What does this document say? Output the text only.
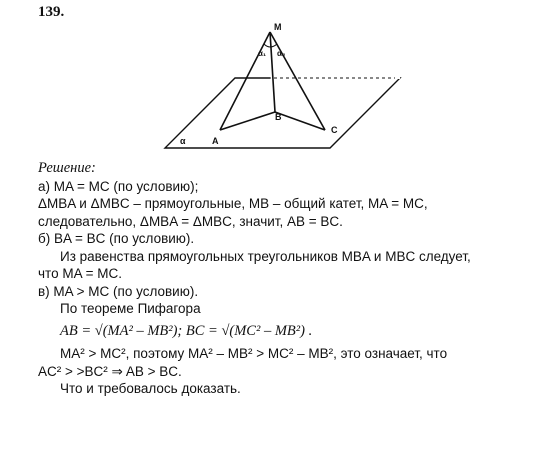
139.
M
A
B
C
α₁ α₂
α
Решение:
а) MA = MC (по условию);
ΔMBA и ΔMBC – прямоугольные, MB – общий катет, MA = MC,
следовательно, ΔMBA = ΔMBC, значит, AB = BC.
б) BA = BC (по условию).
Из равенства прямоугольных треугольников MBA и MBC следует,
что MA = MC.
в) MA > MC (по условию).
По теореме Пифагора
AB = √(MA² – MB²); BC = √(MC² – MB²) .
MA² > MC², поэтому MA² – MB² > MC² – MB², это означает, что
AC² > >BC² ⇒ AB > BC.
Что и требовалось доказать.
